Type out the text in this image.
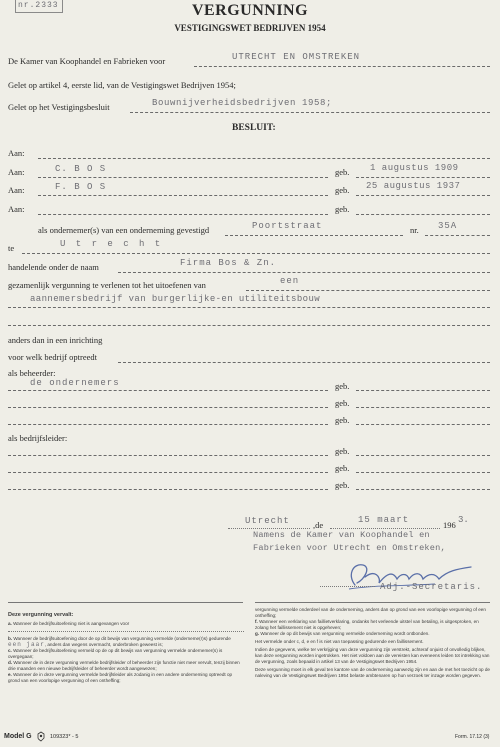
nr.2333	VERGUNNING
VESTIGINGSWET BEDRIJVEN 1954
De Kamer van Koophandel en Fabrieken voor	UTRECHT EN OMSTREKEN
Gelet op artikel 4, eerste lid, van de Vestigingswet Bedrijven 1954;
Gelet op het Vestigingsbesluit	Bouwnijverheidsbedrijven 1958;
BESLUIT:
Aan:
Aan:	C. B O S	geb. 1 augustus 1909
Aan:	F. B O S	geb. 25 augustus 1937
Aan:	geb.
als ondernemer(s) van een onderneming gevestigd	Poortstraat	nr. 35A
te	U t r e c h t
handelende onder de naam	Firma Bos & Zn.
gezamenlijk vergunning te verlenen tot het uitoefenen van	een
aannemersbedrijf van burgerlijke-en utiliteitsbouw
anders dan in een inrichting
voor welk bedrijf optreedt
als beheerder:
de ondernemers	geb.
geb.
geb.
als bedrijfsleider:
geb.
geb.
geb.
Utrecht	,de	15 maart	196 3.
Namens de Kamer van Koophandel en
Fabrieken voor Utrecht en Omstreken,
Adj.-Secretaris.
Deze vergunning vervalt:
a. Wanneer de bedrijfsuitoefening niet is aangevangen voor
b. Wanneer de bedrijfsuitoefening door de op dit bewijs van vergunning vermelde (onderneme(r)s) gedurende
een jaar, anders dan wegens overmacht, onderbroken geweest is;
c. Wanneer de bedrijfsuitoefening vermeld op de op dit bewijs van vergunning vermelde ondernemer(s) is overgegaan;
d. Wanneer de in deze vergunning vermelde bedrijfsleider of beheerder zijn functie niet meer vervult, tenzij binnen drie maanden een nieuwe bedrijfsleider of beheerder wordt aangewezen;
e. Wanneer de in deze vergunning vermelde bedrijfsleider als zodanig in een andere onderneming optreedt op grond van een voorlopige vergunning of een ontheffing;
vergunning vermelde onderdeel van de onderneming, anders dan op grond van een voorlopige vergunning of een ontheffing;
f. Wanneer een verklaring van faillietverklaring, ondanks het verleende uitstel van betaling, is uitgesproken, en zolang het faillissement niet is opgeheven;
g. Wanneer de op dit bewijs van vergunning vermelde onderneming wordt ontbonden.
Het vermelde onder c, d, e en f is niet van toepassing gedurende een faillissement.
Indien de gegevens, welke ter verkrijging van deze vergunning zijn verstrekt, achteraf onjuist of onvolledig blijken, kan deze vergunning worden ingetrokken. Het niet voldoen aan de vereisten kan eveneens leiden tot intrekking van de vergunning, zoals bepaald in artikel 13 van de Vestigingswet Bedrijven 1954.
Deze vergunning moet in elk geval ten kantore van de onderneming aanwezig zijn en aan de met het toezicht op de naleving van de Vestigingswet Bedrijven 1954 belaste ambtenaren op hun verzoek ter inzage worden gegeven.
Model G	109323* - 5	Form. 17.12 (3)
